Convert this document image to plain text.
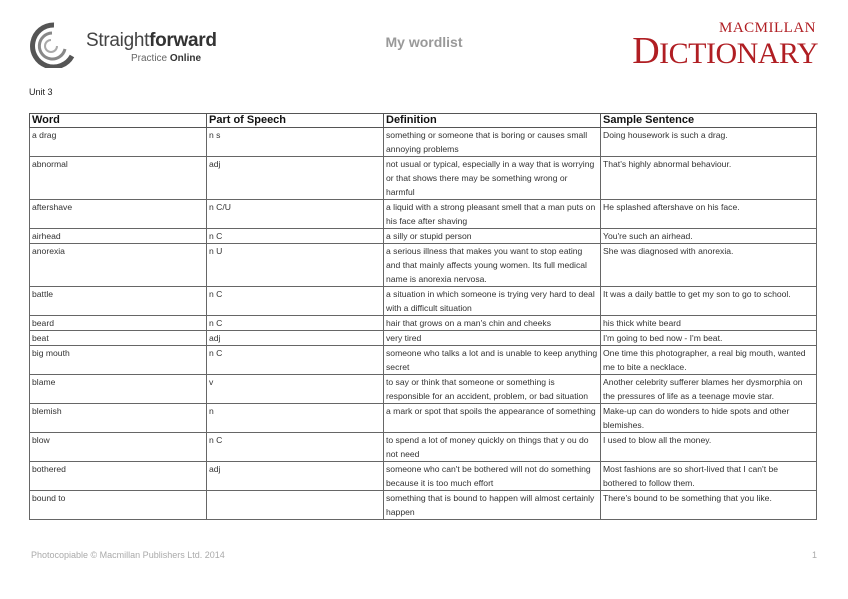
Straightforward
Practice Online
My wordlist
MACMILLAN
DICTIONARY
Unit 3
Word	Part of Speech	Definition	Sample Sentence
a drag	n s	something or someone that is boring or causes small annoying problems	Doing housework is such a drag.
abnormal	adj	not usual or typical, especially in a way that is worrying or that shows there may be something wrong or harmful	That's highly abnormal behaviour.
aftershave	n C/U	a liquid with a strong pleasant smell that a man puts on his face after shaving	He splashed aftershave on his face.
airhead	n C	a silly or stupid person	You're such an airhead.
anorexia	n U	a serious illness that makes you want to stop eating and that mainly affects young women. Its full medical name is anorexia nervosa.	She was diagnosed with anorexia.
battle	n C	a situation in which someone is trying very hard to deal with a difficult situation	It was a daily battle to get my son to go to school.
beard	n C	hair that grows on a man's chin and cheeks	his thick white beard
beat	adj	very tired	I'm going to bed now - I'm beat.
big mouth	n C	someone who talks a lot and is unable to keep anything secret	One time this photographer, a real big mouth, wanted me to bite a necklace.
blame	v	to say or think that someone or something is responsible for an accident, problem, or bad situation	Another celebrity sufferer blames her dysmorphia on the pressures of life as a teenage movie star.
blemish	n	a mark or spot that spoils the appearance of something	Make-up can do wonders to hide spots and other blemishes.
blow	n C	to spend a lot of money quickly on things that y ou do not need	I used to blow all the money.
bothered	adj	someone who can't be bothered will not do something because it is too much effort	Most fashions are so short-lived that I can't be bothered to follow them.
bound to		something that is bound to happen will almost certainly happen	There's bound to be something that you like.
Photocopiable © Macmillan Publishers Ltd. 2014	1
